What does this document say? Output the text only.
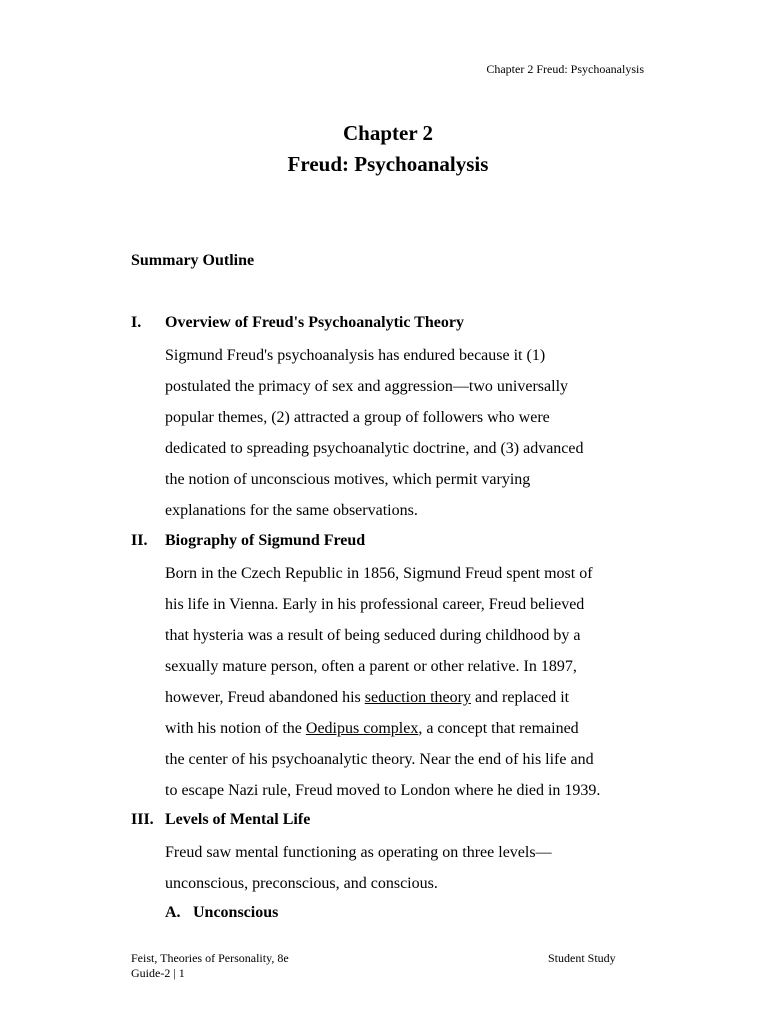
Chapter 2 Freud: Psychoanalysis
Chapter 2
Freud: Psychoanalysis
Summary Outline
I. Overview of Freud's Psychoanalytic Theory
Sigmund Freud's psychoanalysis has endured because it (1)
postulated the primacy of sex and aggression—two universally
popular themes, (2) attracted a group of followers who were
dedicated to spreading psychoanalytic doctrine, and (3) advanced
the notion of unconscious motives, which permit varying
explanations for the same observations.
II. Biography of Sigmund Freud
Born in the Czech Republic in 1856, Sigmund Freud spent most of
his life in Vienna. Early in his professional career, Freud believed
that hysteria was a result of being seduced during childhood by a
sexually mature person, often a parent or other relative. In 1897,
however, Freud abandoned his seduction theory and replaced it
with his notion of the Oedipus complex, a concept that remained
the center of his psychoanalytic theory. Near the end of his life and
to escape Nazi rule, Freud moved to London where he died in 1939.
III. Levels of Mental Life
Freud saw mental functioning as operating on three levels—
unconscious, preconscious, and conscious.
A. Unconscious
Feist, Theories of Personality, 8e
Guide-2 | 1
Student Study
